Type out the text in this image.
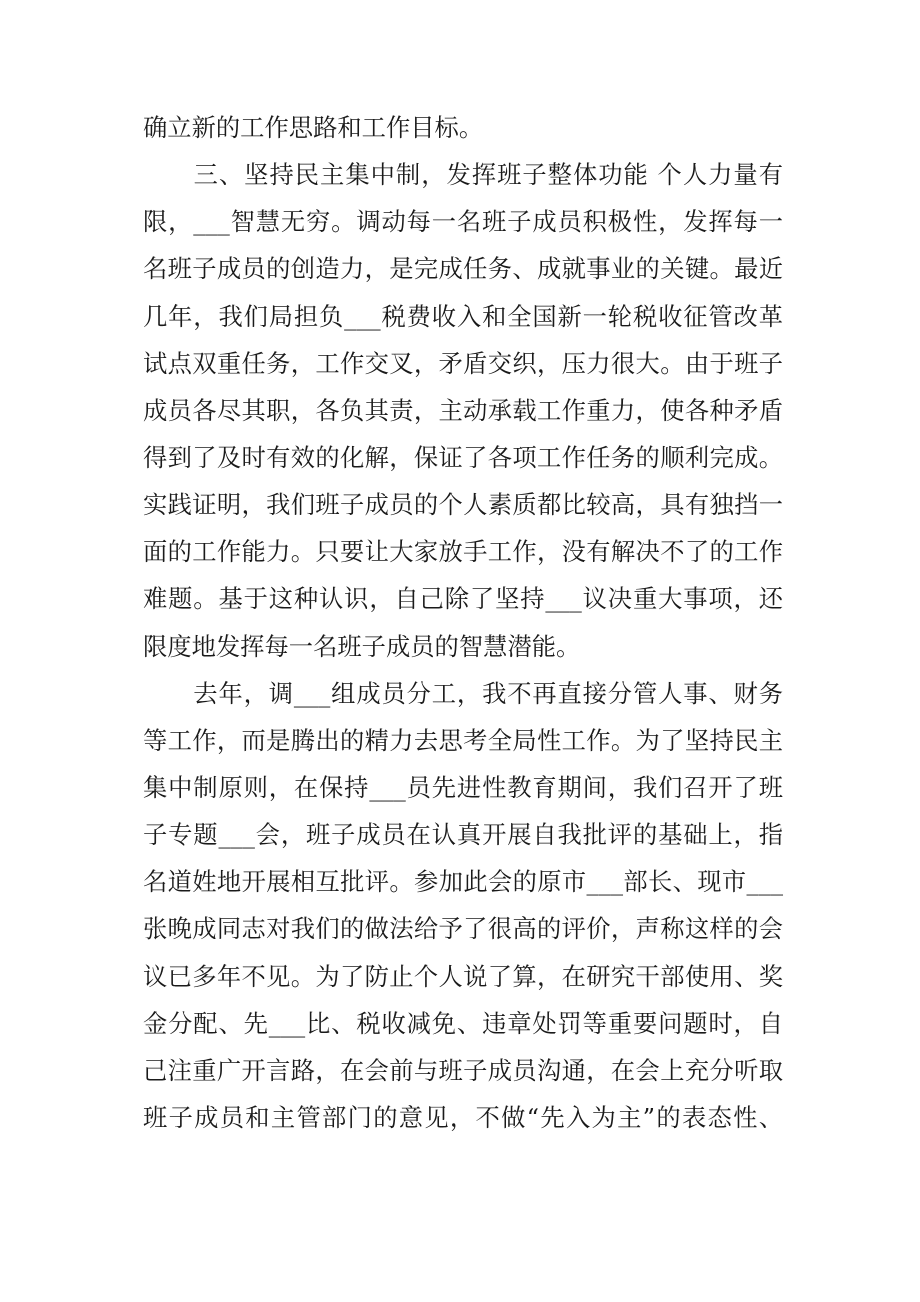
确立新的工作思路和工作目标。
　　三、坚持民主集中制，发挥班子整体功能 个人力量有
限，___智慧无穷。调动每一名班子成员积极性，发挥每一
名班子成员的创造力，是完成任务、成就事业的关键。最近
几年，我们局担负___税费收入和全国新一轮税收征管改革
试点双重任务，工作交叉，矛盾交织，压力很大。由于班子
成员各尽其职，各负其责，主动承载工作重力，使各种矛盾
得到了及时有效的化解，保证了各项工作任务的顺利完成。
实践证明，我们班子成员的个人素质都比较高，具有独挡一
面的工作能力。只要让大家放手工作，没有解决不了的工作
难题。基于这种认识，自己除了坚持___议决重大事项，还
限度地发挥每一名班子成员的智慧潜能。
　　去年，调___组成员分工，我不再直接分管人事、财务
等工作，而是腾出的精力去思考全局性工作。为了坚持民主
集中制原则，在保持___员先进性教育期间，我们召开了班
子专题___会，班子成员在认真开展自我批评的基础上，指
名道姓地开展相互批评。参加此会的原市___部长、现市___
张晚成同志对我们的做法给予了很高的评价，声称这样的会
议已多年不见。为了防止个人说了算，在研究干部使用、奖
金分配、先___比、税收减免、违章处罚等重要问题时，自
己注重广开言路，在会前与班子成员沟通，在会上充分听取
班子成员和主管部门的意见，不做“先入为主”的表态性、
